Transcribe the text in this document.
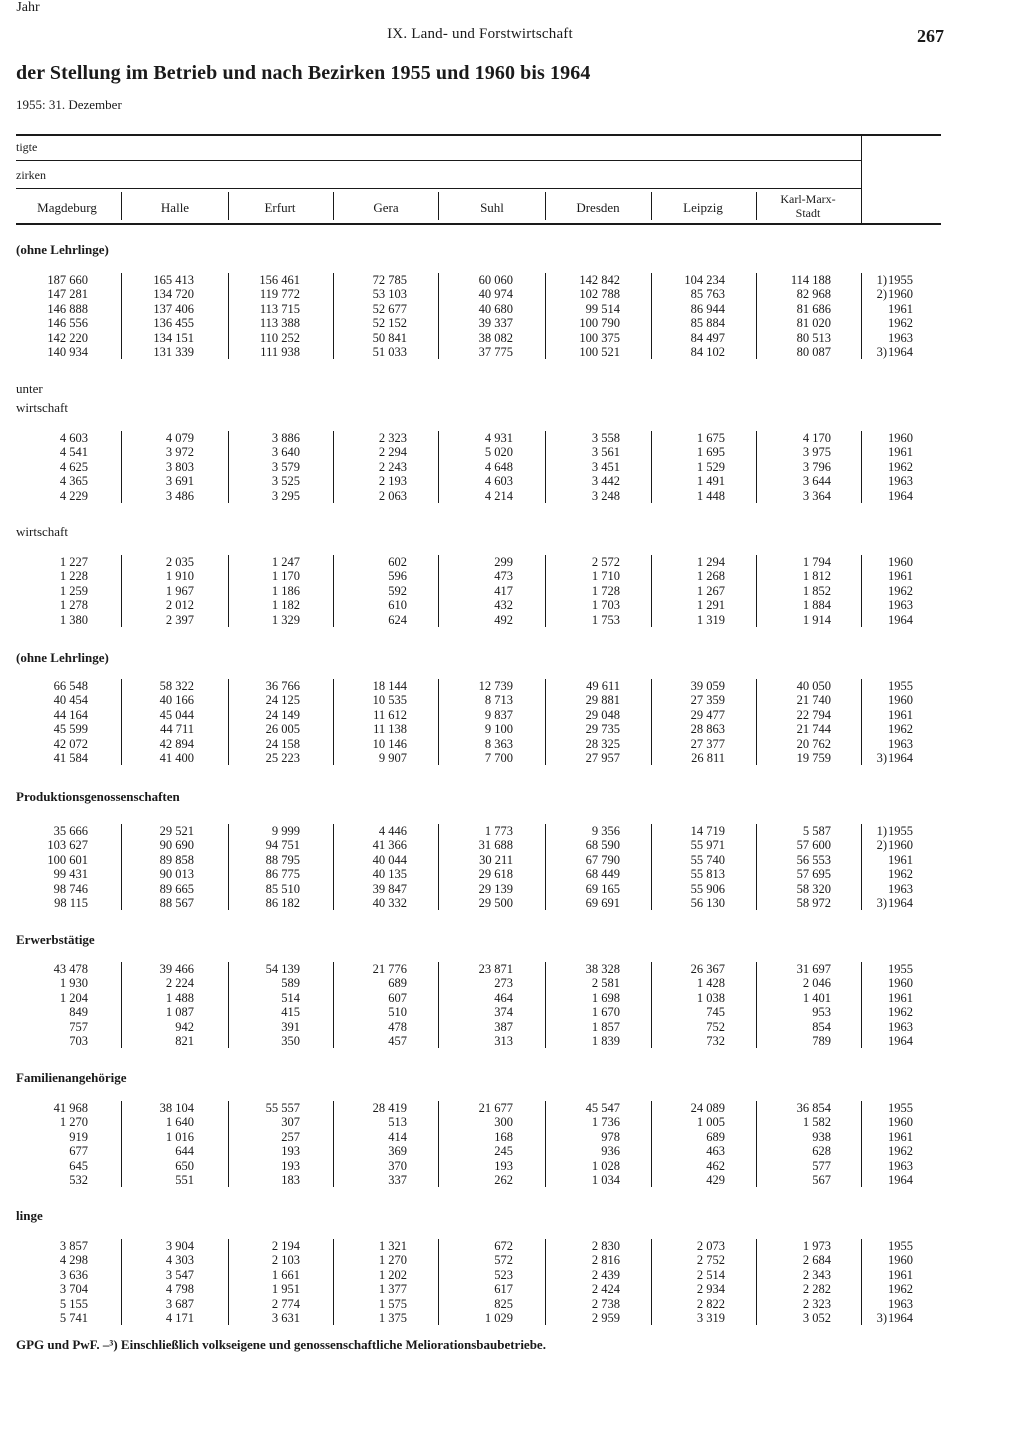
IX. Land- und Forstwirtschaft	267
der Stellung im Betrieb und nach Bezirken 1955 und 1960 bis 1964
1955: 31. Dezember
tigte
zirken
Jahr
Magdeburg	Halle	Erfurt	Gera	Suhl	Dresden	Leipzig
Karl-Marx-
Stadt
(ohne Lehrlinge)
187 660	165 413	156 461	72 785	60 060	142 842	104 234	114 188	1) 1955
147 281	134 720	119 772	53 103	40 974	102 788	85 763	82 968	2) 1960
146 888	137 406	113 715	52 677	40 680	99 514	86 944	81 686	1961
146 556	136 455	113 388	52 152	39 337	100 790	85 884	81 020	1962
142 220	134 151	110 252	50 841	38 082	100 375	84 497	80 513	1963
140 934	131 339	111 938	51 033	37 775	100 521	84 102	80 087	3) 1964
unter
wirtschaft
4 603	4 079	3 886	2 323	4 931	3 558	1 675	4 170	1960
4 541	3 972	3 640	2 294	5 020	3 561	1 695	3 975	1961
4 625	3 803	3 579	2 243	4 648	3 451	1 529	3 796	1962
4 365	3 691	3 525	2 193	4 603	3 442	1 491	3 644	1963
4 229	3 486	3 295	2 063	4 214	3 248	1 448	3 364	1964
wirtschaft
1 227	2 035	1 247	602	299	2 572	1 294	1 794	1960
1 228	1 910	1 170	596	473	1 710	1 268	1 812	1961
1 259	1 967	1 186	592	417	1 728	1 267	1 852	1962
1 278	2 012	1 182	610	432	1 703	1 291	1 884	1963
1 380	2 397	1 329	624	492	1 753	1 319	1 914	1964
(ohne Lehrlinge)
66 548	58 322	36 766	18 144	12 739	49 611	39 059	40 050	1955
40 454	40 166	24 125	10 535	8 713	29 881	27 359	21 740	1960
44 164	45 044	24 149	11 612	9 837	29 048	29 477	22 794	1961
45 599	44 711	26 005	11 138	9 100	29 735	28 863	21 744	1962
42 072	42 894	24 158	10 146	8 363	28 325	27 377	20 762	1963
41 584	41 400	25 223	9 907	7 700	27 957	26 811	19 759	3) 1964
Produktionsgenossenschaften
35 666	29 521	9 999	4 446	1 773	9 356	14 719	5 587	1) 1955
103 627	90 690	94 751	41 366	31 688	68 590	55 971	57 600	2) 1960
100 601	89 858	88 795	40 044	30 211	67 790	55 740	56 553	1961
99 431	90 013	86 775	40 135	29 618	68 449	55 813	57 695	1962
98 746	89 665	85 510	39 847	29 139	69 165	55 906	58 320	1963
98 115	88 567	86 182	40 332	29 500	69 691	56 130	58 972	3) 1964
Erwerbstätige
43 478	39 466	54 139	21 776	23 871	38 328	26 367	31 697	1955
1 930	2 224	589	689	273	2 581	1 428	2 046	1960
1 204	1 488	514	607	464	1 698	1 038	1 401	1961
849	1 087	415	510	374	1 670	745	953	1962
757	942	391	478	387	1 857	752	854	1963
703	821	350	457	313	1 839	732	789	1964
Familienangehörige
41 968	38 104	55 557	28 419	21 677	45 547	24 089	36 854	1955
1 270	1 640	307	513	300	1 736	1 005	1 582	1960
919	1 016	257	414	168	978	689	938	1961
677	644	193	369	245	936	463	628	1962
645	650	193	370	193	1 028	462	577	1963
532	551	183	337	262	1 034	429	567	1964
linge
3 857	3 904	2 194	1 321	672	2 830	2 073	1 973	1955
4 298	4 303	2 103	1 270	572	2 816	2 752	2 684	1960
3 636	3 547	1 661	1 202	523	2 439	2 514	2 343	1961
3 704	4 798	1 951	1 377	617	2 424	2 934	2 282	1962
5 155	3 687	2 774	1 575	825	2 738	2 822	2 323	1963
5 741	4 171	3 631	1 375	1 029	2 959	3 319	3 052	3) 1964
GPG und PwF. –³) Einschließlich volkseigene und genossenschaftliche Meliorationsbaubetriebe.
